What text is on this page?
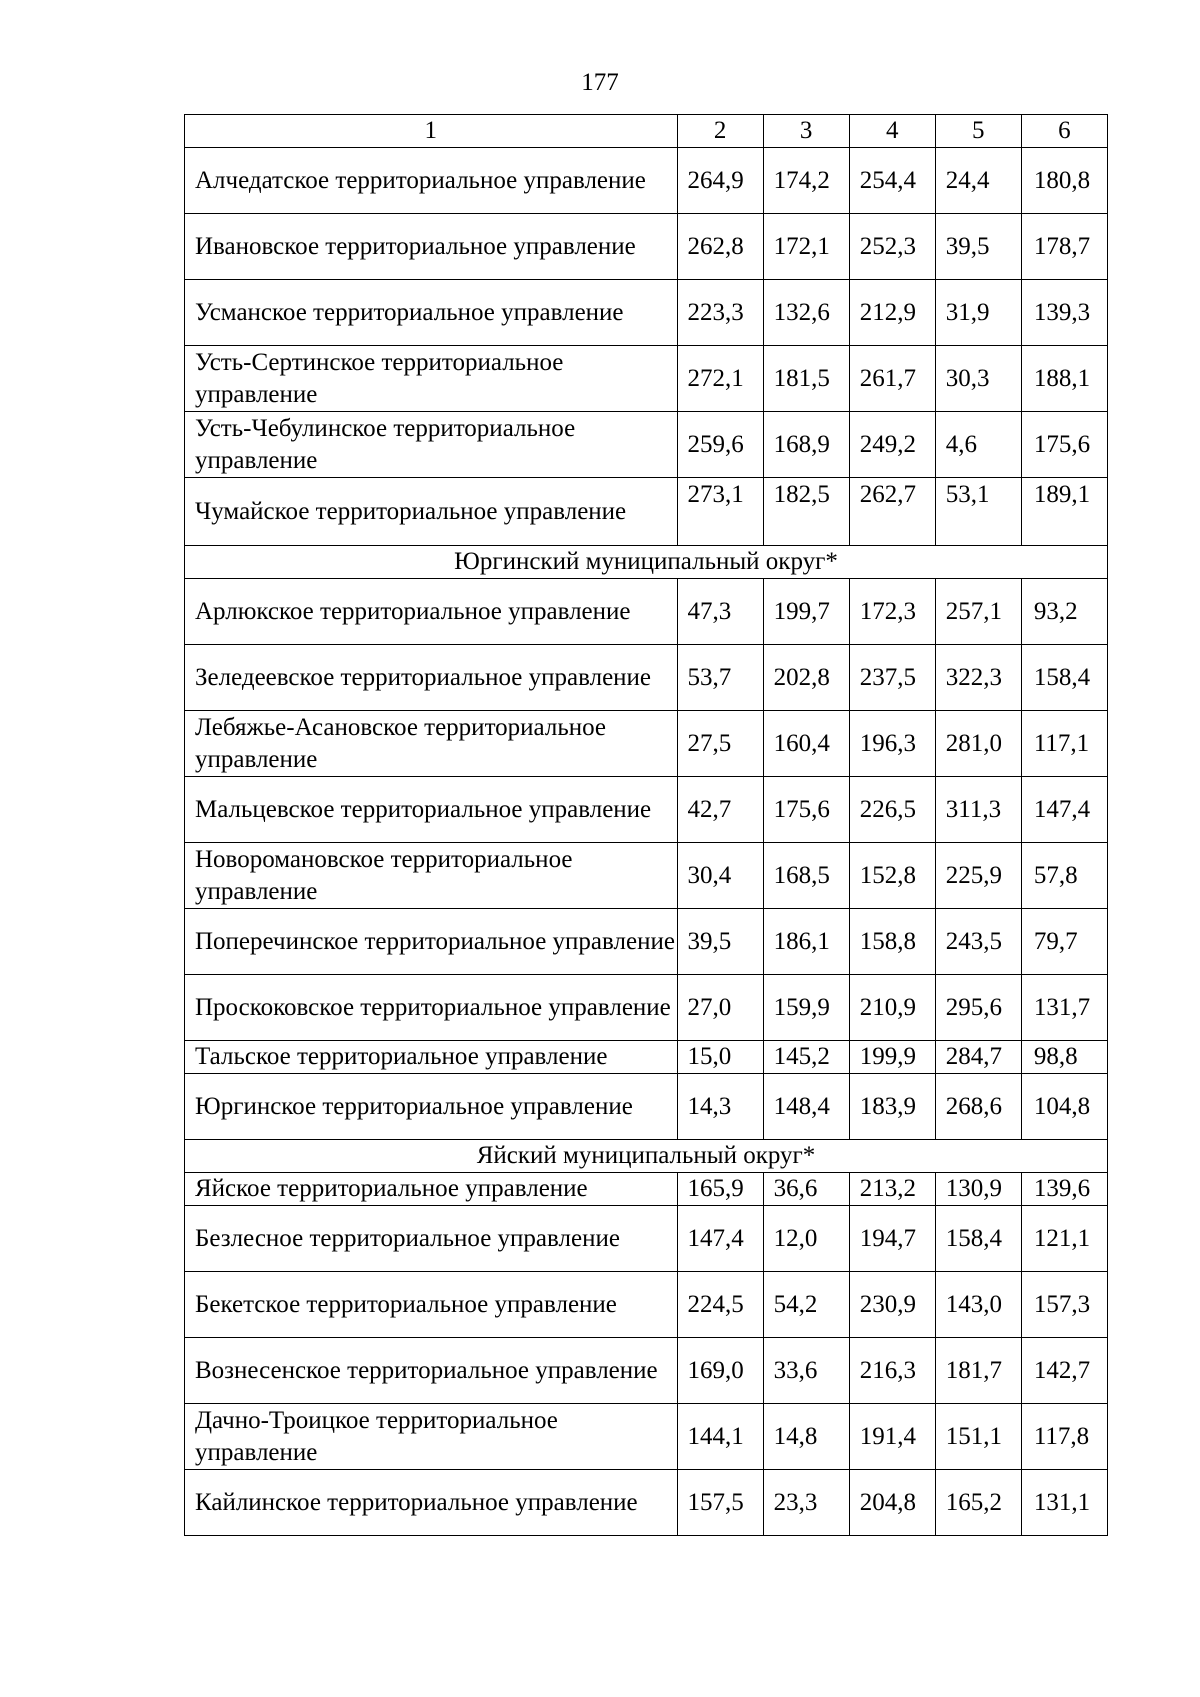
177
1	2	3	4	5	6
Алчедатское территориальное управление	264,9	174,2	254,4	24,4	180,8
Ивановское территориальное управление	262,8	172,1	252,3	39,5	178,7
Усманское территориальное управление	223,3	132,6	212,9	31,9	139,3
Усть-Сертинское территориальное управление	272,1	181,5	261,7	30,3	188,1
Усть-Чебулинское территориальное управление	259,6	168,9	249,2	4,6	175,6
Чумайское территориальное управление	273,1	182,5	262,7	53,1	189,1
Юргинский муниципальный округ*					
Арлюкское территориальное управление	47,3	199,7	172,3	257,1	93,2
Зеледеевское территориальное управление	53,7	202,8	237,5	322,3	158,4
Лебяжье-Асановское территориальное управление	27,5	160,4	196,3	281,0	117,1
Мальцевское территориальное управление	42,7	175,6	226,5	311,3	147,4
Новоромановское территориальное управление	30,4	168,5	152,8	225,9	57,8
Поперечинское территориальное управление	39,5	186,1	158,8	243,5	79,7
Проскоковское территориальное управление	27,0	159,9	210,9	295,6	131,7
Тальское территориальное управление	15,0	145,2	199,9	284,7	98,8
Юргинское территориальное управление	14,3	148,4	183,9	268,6	104,8
Яйский муниципальный округ*					
Яйское территориальное управление	165,9	36,6	213,2	130,9	139,6
Безлесное территориальное управление	147,4	12,0	194,7	158,4	121,1
Бекетское территориальное управление	224,5	54,2	230,9	143,0	157,3
Вознесенское территориальное управление	169,0	33,6	216,3	181,7	142,7
Дачно-Троицкое территориальное управление	144,1	14,8	191,4	151,1	117,8
Кайлинское территориальное управление	157,5	23,3	204,8	165,2	131,1
